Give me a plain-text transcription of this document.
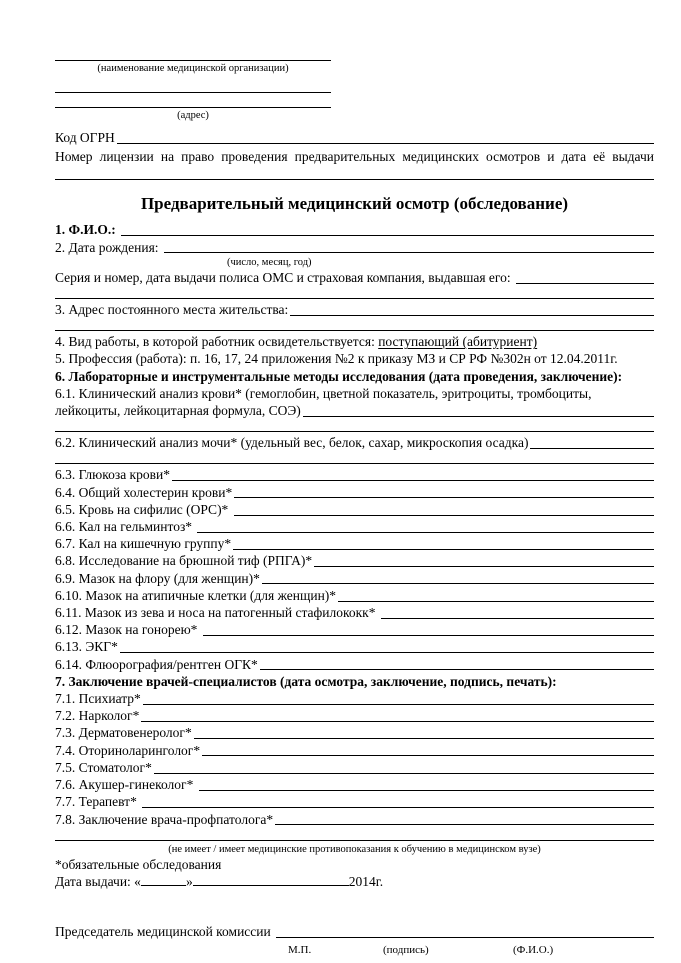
(наименование медицинской организации)
(адрес)
Код ОГРН
Номер лицензии на право проведения предварительных медицинских осмотров и дата её выдачи
Предварительный медицинский осмотр (обследование)
1. Ф.И.О.:
2. Дата рождения:
(число, месяц, год)
Серия и номер, дата выдачи полиса ОМС и страховая компания, выдавшая его:
3. Адрес постоянного места жительства:
4. Вид работы, в которой работник освидетельствуется: поступающий (абитуриент)
5. Профессия (работа): п. 16, 17, 24 приложения №2 к приказу МЗ и СР РФ №302н от 12.04.2011г.
6. Лабораторные и инструментальные методы исследования (дата проведения, заключение):
6.1. Клинический анализ крови* (гемоглобин, цветной показатель, эритроциты, тромбоциты,
лейкоциты, лейкоцитарная формула, СОЭ)
6.2. Клинический анализ мочи* (удельный вес, белок, сахар, микроскопия осадка)
6.3. Глюкоза крови*
6.4. Общий холестерин крови*
6.5. Кровь на сифилис (ОРС)*
6.6. Кал на гельминтоз*
6.7. Кал на кишечную группу*
6.8. Исследование на брюшной тиф (РПГА)*
6.9. Мазок на флору (для женщин)*
6.10. Мазок на атипичные клетки (для женщин)*
6.11. Мазок из зева и носа на патогенный стафилококк*
6.12. Мазок на гонорею*
6.13. ЭКГ*
6.14. Флюорография/рентген ОГК*
7. Заключение врачей-специалистов (дата осмотра, заключение, подпись, печать):
7.1. Психиатр*
7.2. Нарколог*
7.3. Дерматовенеролог*
7.4. Оториноларинголог*
7.5. Стоматолог*
7.6. Акушер-гинеколог*
7.7. Терапевт*
7.8. Заключение врача-профпатолога*
(не имеет / имеет медицинские противопоказания к обучению в медицинском вузе)
*обязательные обследования
Дата выдачи: «	»	2014г.
Председатель медицинской комиссии
М.П.	(подпись)	(Ф.И.О.)
